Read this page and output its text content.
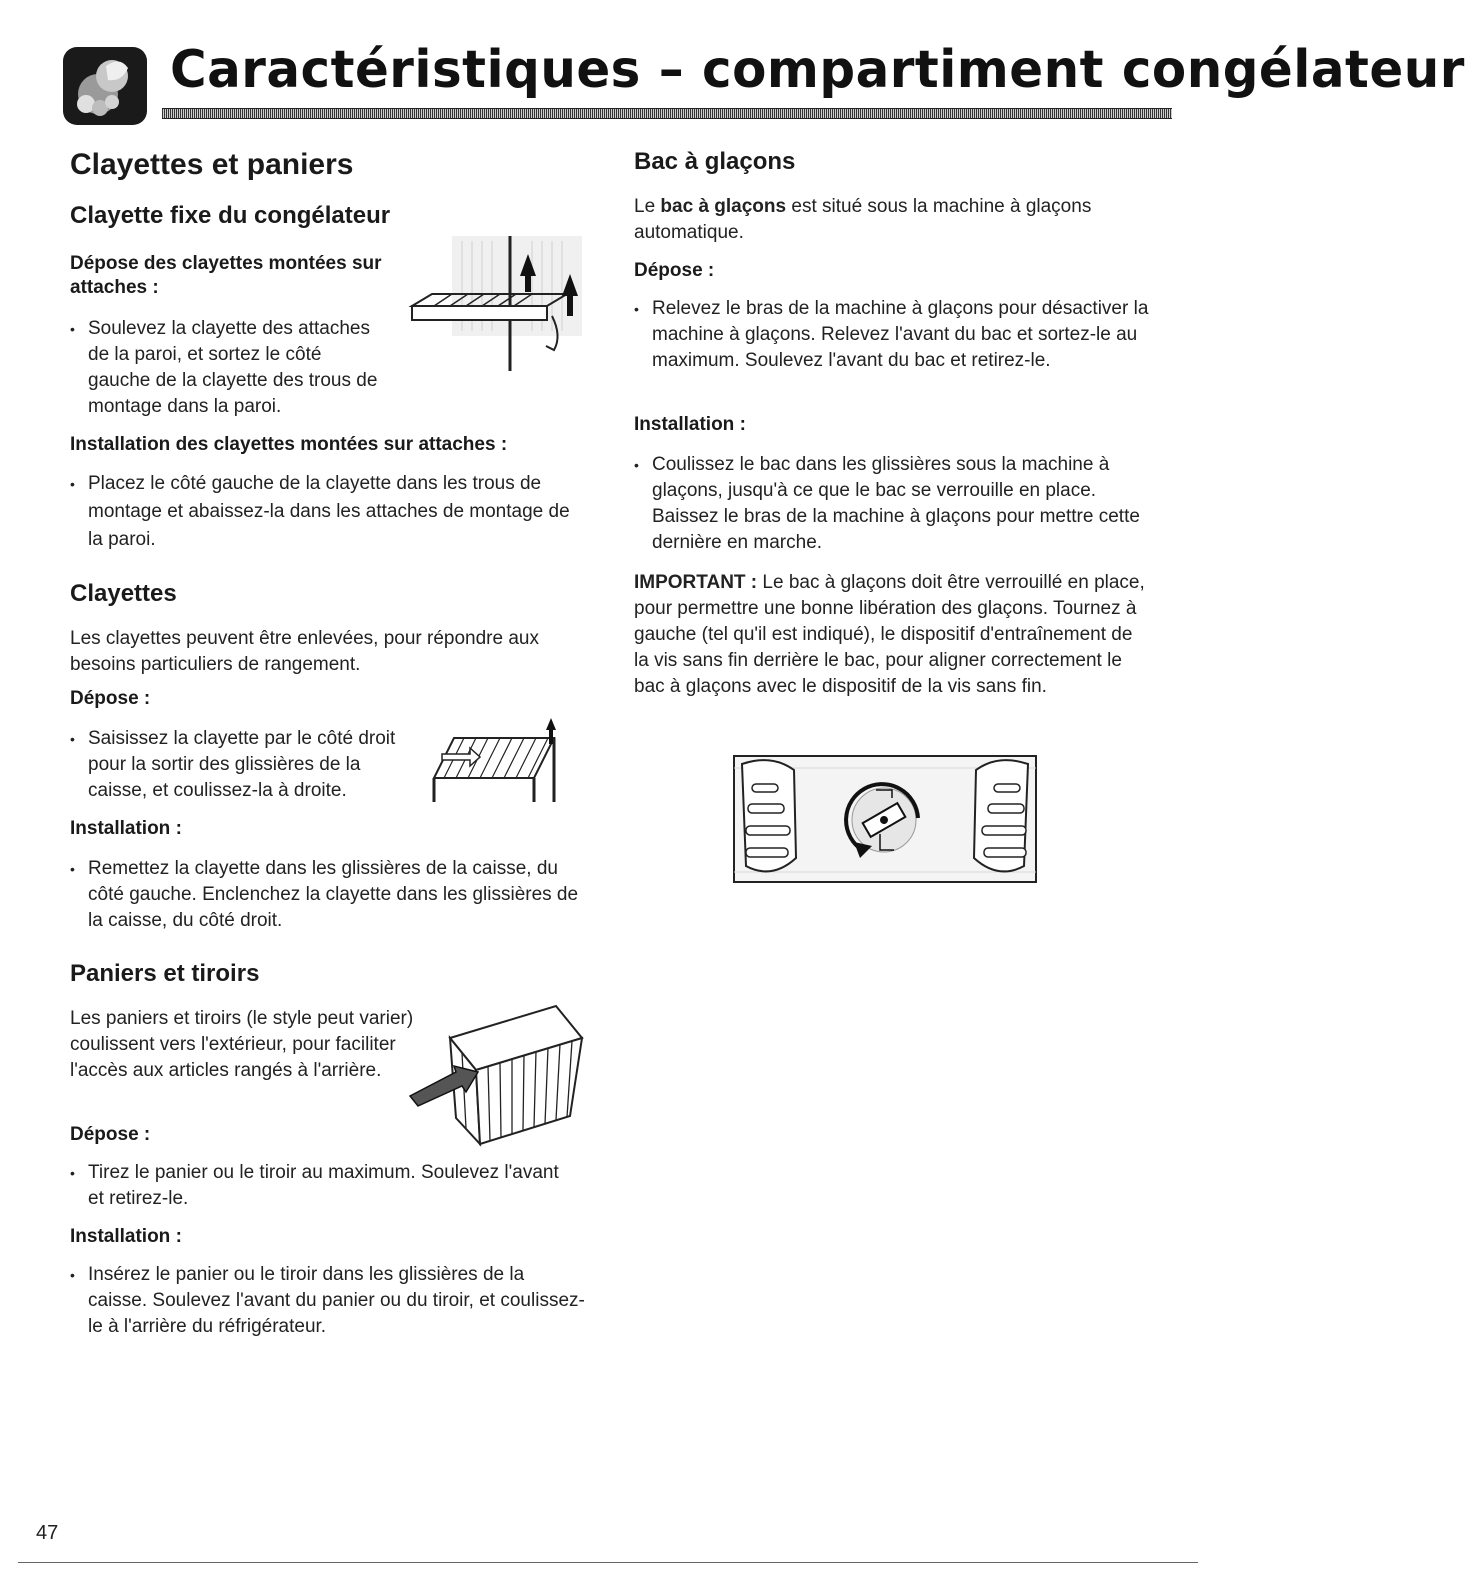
Caractéristiques – compartiment congélateur
Clayettes et paniers
Clayette fixe du congélateur
Dépose des clayettes montées sur attaches :
• Soulevez la clayette des attaches de la paroi, et sortez le côté gauche de la clayette des trous de montage dans la paroi.
Installation des clayettes montées sur attaches :
• Placez le côté gauche de la clayette dans les trous de montage et abaissez-la dans les attaches de montage de la paroi.
Clayettes

Les clayettes peuvent être enlevées, pour répondre aux besoins particuliers de rangement.

Dépose :
• Saisissez la clayette par le côté droit pour la sortir des glissières de la caisse, et coulissez-la à droite.
Installation :
• Remettez la clayette dans les glissières de la caisse, du côté gauche. Enclenchez la clayette dans les glissières de la caisse, du côté droit.
Paniers et tiroirs

Les paniers et tiroirs (le style peut varier) coulissent vers l'extérieur, pour faciliter l'accès aux articles rangés à l'arrière.

Dépose :
• Tirez le panier ou le tiroir au maximum. Soulevez l'avant et retirez-le.
Installation :
• Insérez le panier ou le tiroir dans les glissières de la caisse. Soulevez l'avant du panier ou du tiroir, et coulissez-le à l'arrière du réfrigérateur.
Bac à glaçons

Le bac à glaçons est situé sous la machine à glaçons automatique.

Dépose :
• Relevez le bras de la machine à glaçons pour désactiver la machine à glaçons. Relevez l'avant du bac et sortez-le au maximum. Soulevez l'avant du bac et retirez-le.
Installation :
• Coulissez le bac dans les glissières sous la machine à glaçons, jusqu'à ce que le bac se verrouille en place. Baissez le bras de la machine à glaçons pour mettre cette dernière en marche.

IMPORTANT : Le bac à glaçons doit être verrouillé en place, pour permettre une bonne libération des glaçons. Tournez à gauche (tel qu'il est indiqué), le dispositif d'entraînement de la vis sans fin derrière le bac, pour aligner correctement le bac à glaçons avec le dispositif de la vis sans fin.

47
